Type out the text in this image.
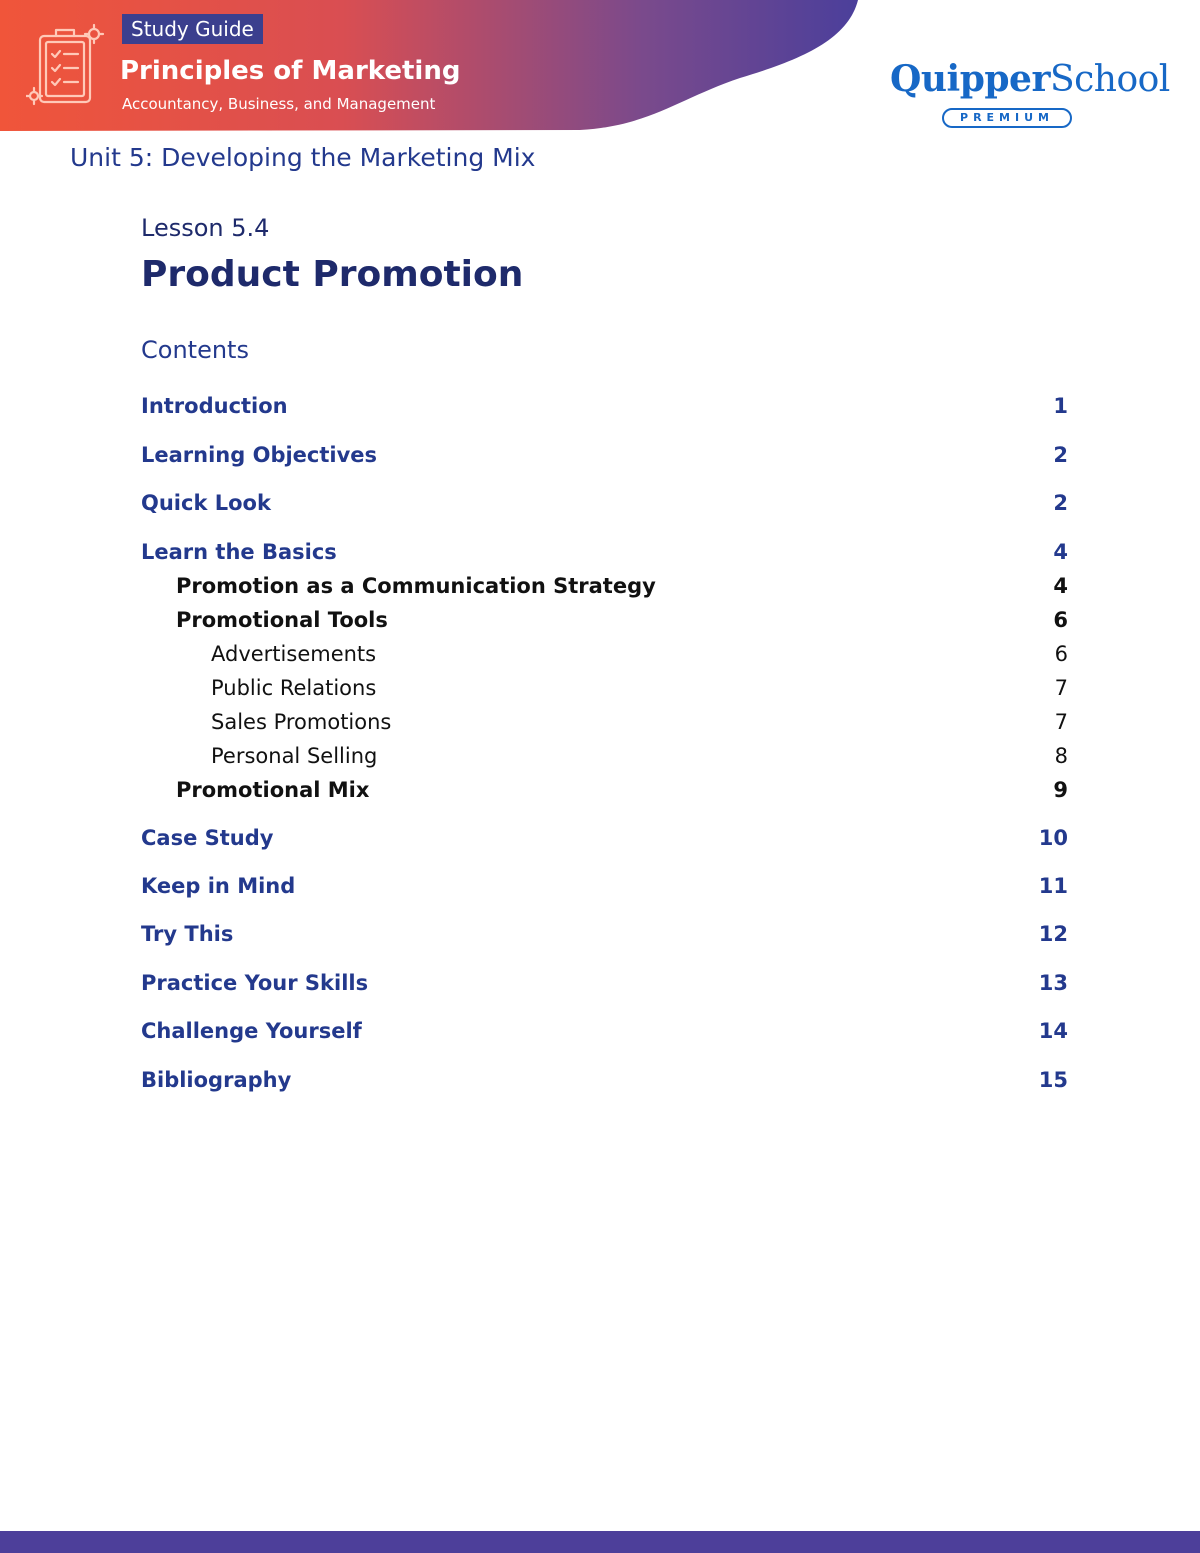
Study Guide
Principles of Marketing
Accountancy, Business, and Management
QuipperSchool
PREMIUM
Unit 5: Developing the Marketing Mix
Lesson 5.4
Product Promotion
Contents
Introduction	1
Learning Objectives	2
Quick Look	2
Learn the Basics	4
Promotion as a Communication Strategy	4
Promotional Tools	6
Advertisements	6
Public Relations	7
Sales Promotions	7
Personal Selling	8
Promotional Mix	9
Case Study	10
Keep in Mind	11
Try This	12
Practice Your Skills	13
Challenge Yourself	14
Bibliography	15
